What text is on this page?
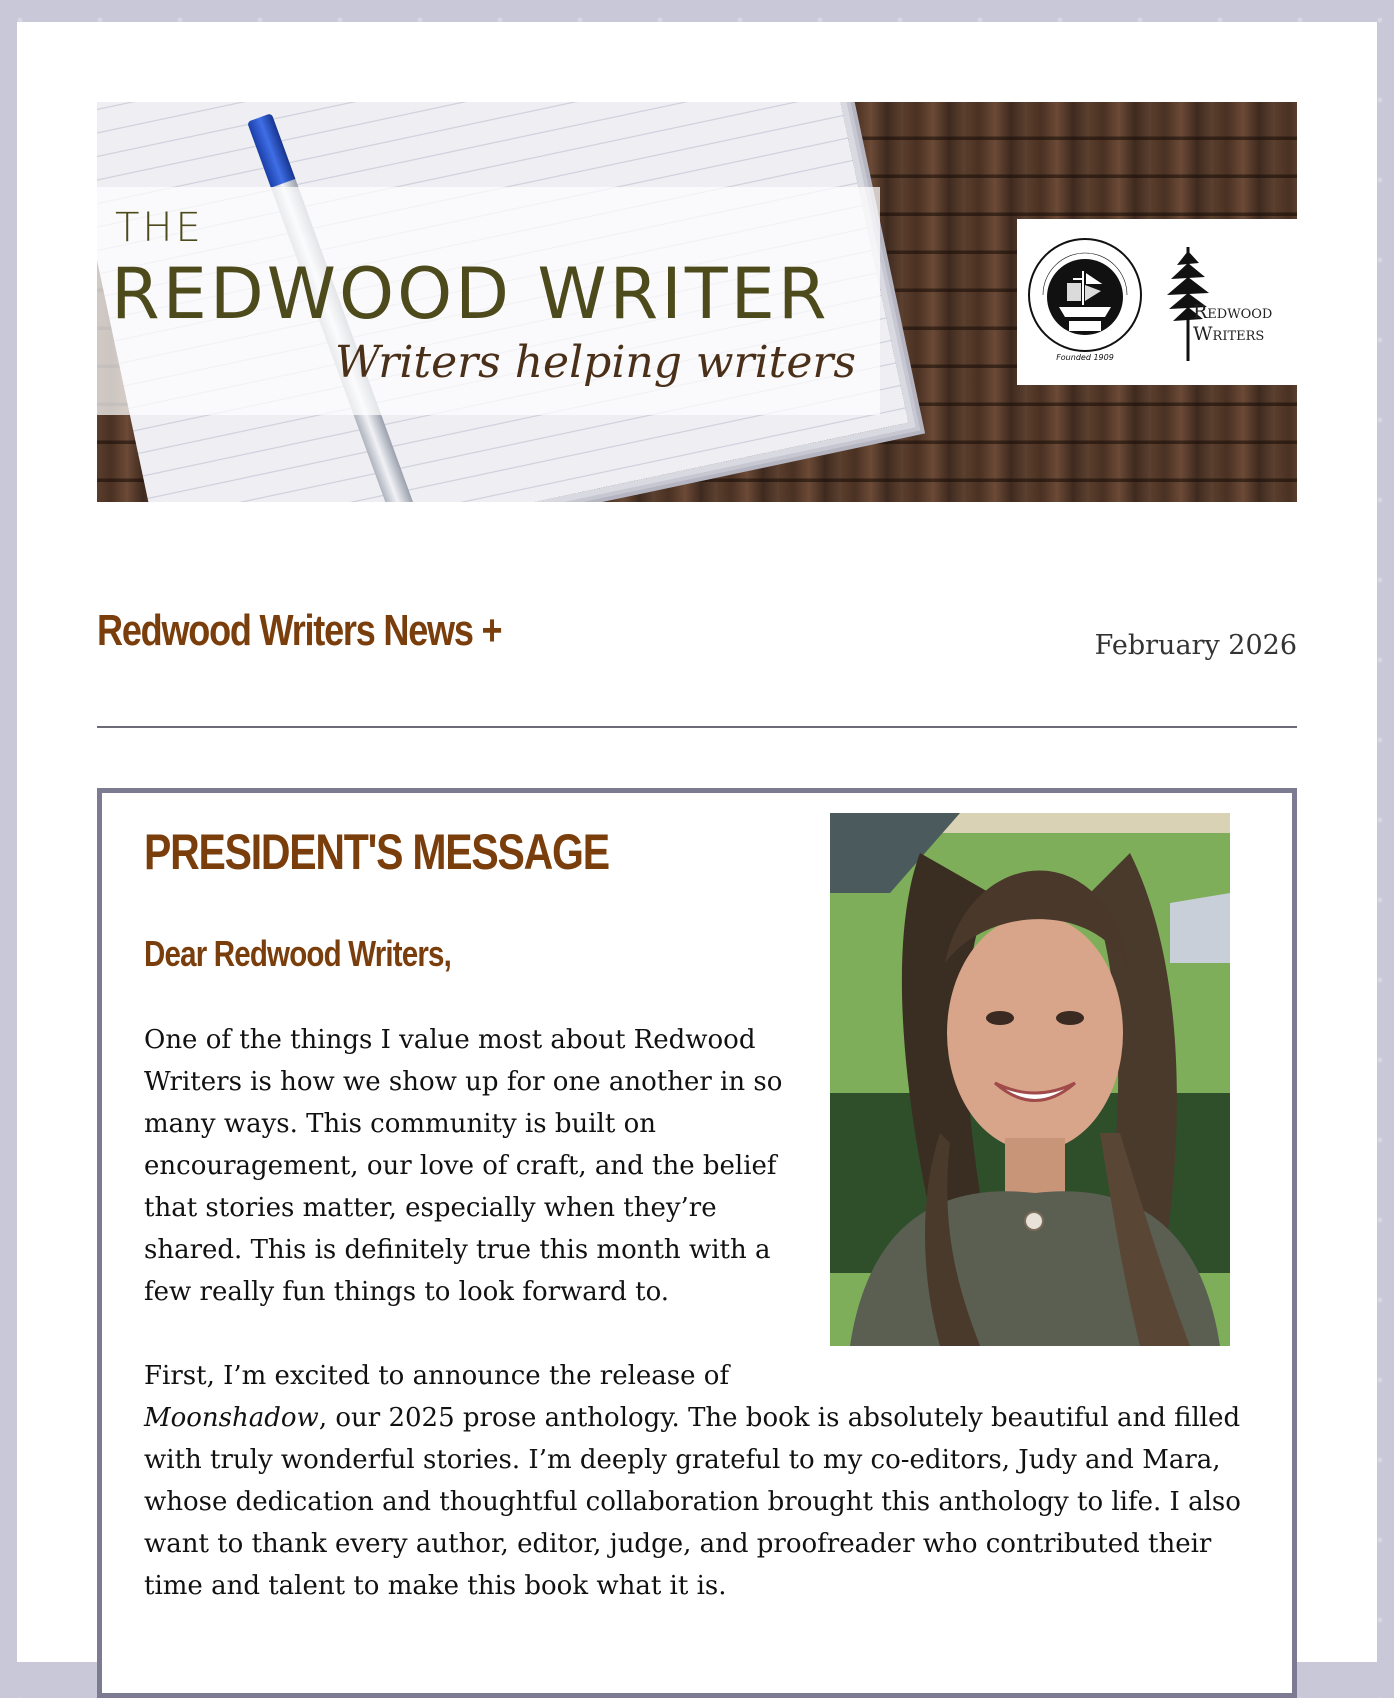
THE
REDWOOD WRITER
Writers helping writers	Founded 1909
Redwood
Writers
Redwood Writers News +	February 2026
PRESIDENT'S MESSAGE
Dear Redwood Writers,

One of the things I value most about Redwood Writers is how we show up for one another in so many ways. This community is built on encouragement, our love of craft, and the belief that stories matter, especially when they’re shared. This is definitely true this month with a few really fun things to look forward to.

First, I’m excited to announce the release of
Moonshadow, our 2025 prose anthology. The book is absolutely beautiful and filled with truly wonderful stories. I’m deeply grateful to my co-editors, Judy and Mara, whose dedication and thoughtful collaboration brought this anthology to life. I also want to thank every author, editor, judge, and proofreader who contributed their time and talent to make this book what it is.
